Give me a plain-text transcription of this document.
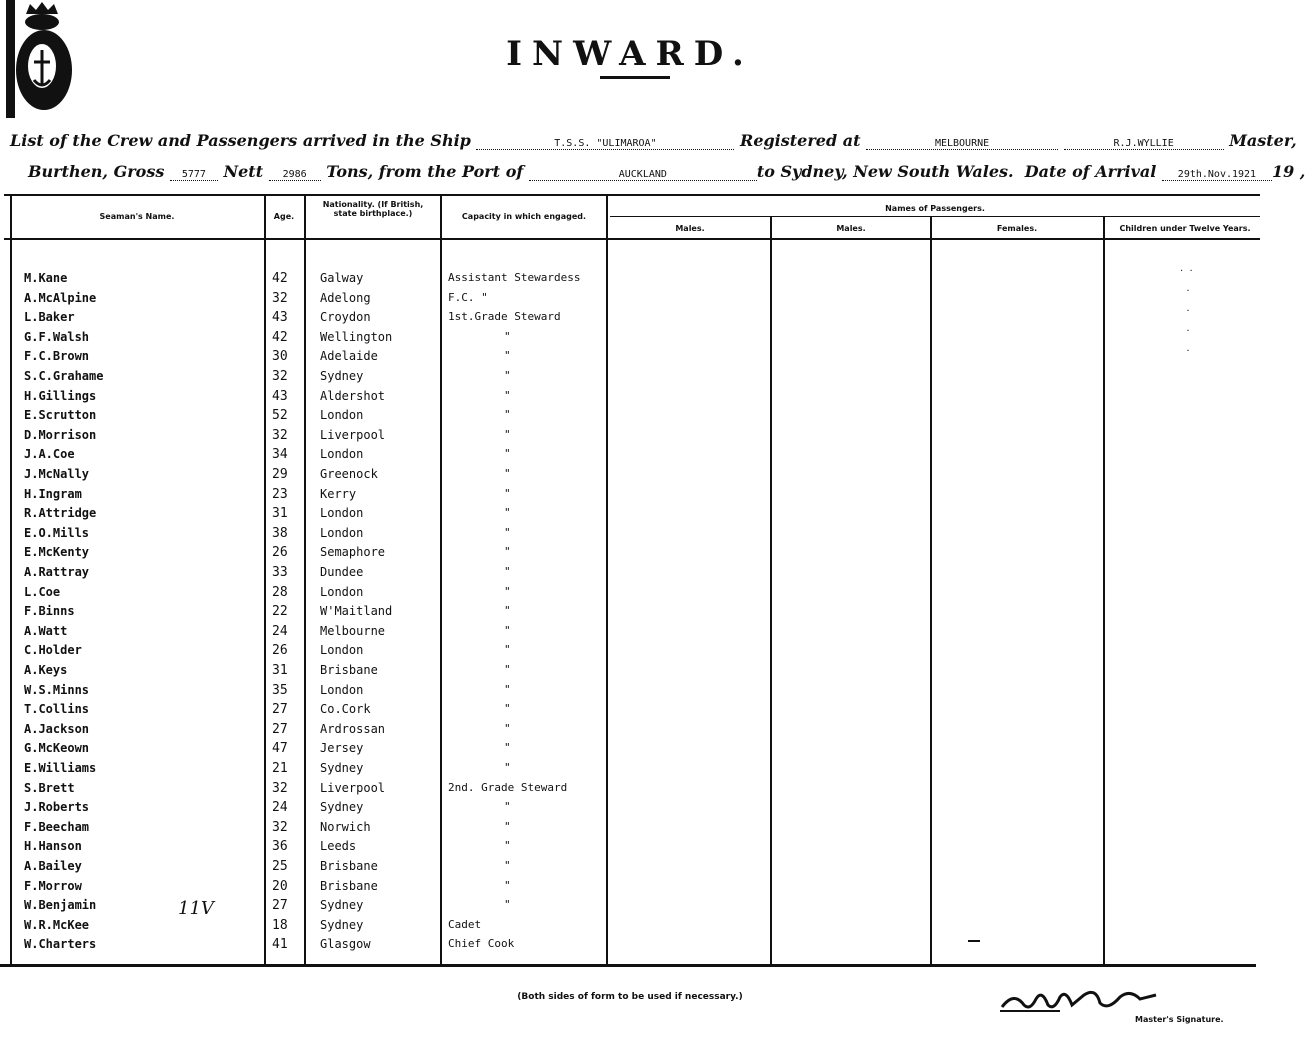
INWARD.
List of the Crew and Passengers arrived in the Ship	T.S.S. "ULIMAROA"	Registered at	MELBOURNE	R.J.WYLLIE	Master,
Burthen, Gross 5777 Nett 2986 Tons, from the Port of	AUCKLAND	to Sydney, New South Wales. Date of Arrival 29th.Nov.1921 19 ,
Seaman's Name.	Age.
Nationality. (If British, state birthplace.)	Capacity in which engaged.
Names of Passengers.
Males.	Males.	Females.	Children under Twelve Years.
M.Kane	42	Galway	Assistant Stewardess
A.McAlpine	32	Adelong	F.C. "
L.Baker	43	Croydon	1st.Grade Steward
G.F.Walsh	42	Wellington	"
F.C.Brown	30	Adelaide	"
S.C.Grahame	32	Sydney	"
H.Gillings	43	Aldershot	"
E.Scrutton	52	London	"
D.Morrison	32	Liverpool	"
J.A.Coe	34	London	"
J.McNally	29	Greenock	"
H.Ingram	23	Kerry	"
R.Attridge	31	London	"
E.O.Mills	38	London	"
E.McKenty	26	Semaphore	"
A.Rattray	33	Dundee	"
L.Coe	28	London	"
F.Binns	22	W'Maitland	"
A.Watt	24	Melbourne	"
C.Holder	26	London	"
A.Keys	31	Brisbane	"
W.S.Minns	35	London	"
T.Collins	27	Co.Cork	"
A.Jackson	27	Ardrossan	"
G.McKeown	47	Jersey	"
E.Williams	21	Sydney	"
S.Brett	32	Liverpool	2nd. Grade Steward
J.Roberts	24	Sydney	"
F.Beecham	32	Norwich	"
H.Hanson	36	Leeds	"
A.Bailey	25	Brisbane	"
F.Morrow	20	Brisbane	"
W.Benjamin	27	Sydney	"
W.R.McKee	18	Sydney	Cadet
W.Charters	41	Glasgow	Chief Cook
·  ·
·
·
·
·
11V
(Both sides of form to be used if necessary.)
Master's Signature.
